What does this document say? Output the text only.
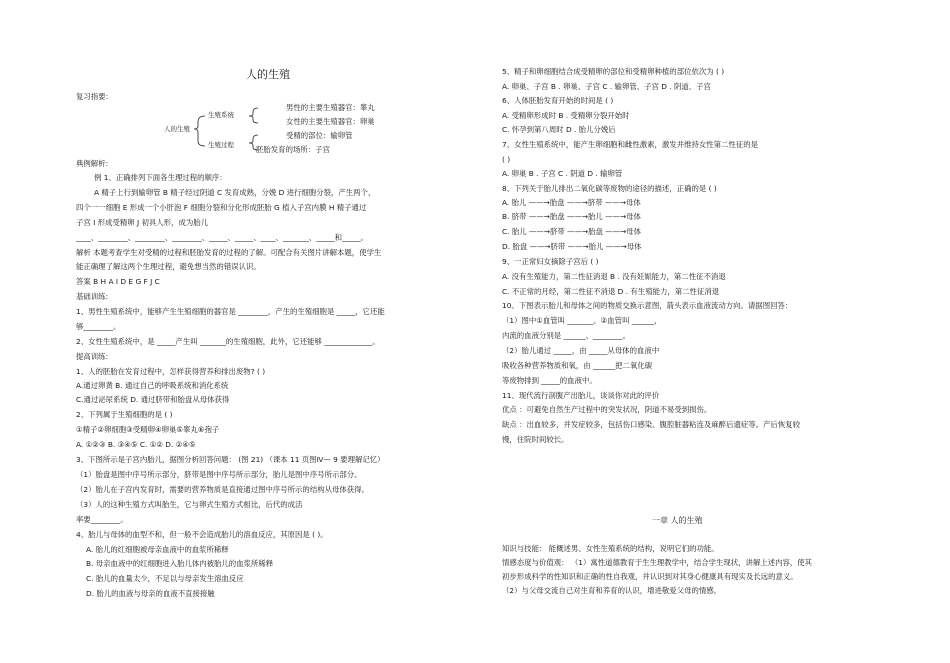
人的生殖
复习指要:
人的生殖
生殖系统
生殖过程
男性的主要生殖器官：睾丸
女性的主要生殖器官：卵巢
受精的部位：输卵管
胚胎发育的场所：子宫
典例解析:
例 1、正确排列下面各生理过程的顺序：
A 精子上行到输卵管 B 精子经过阴道 C 发育成熟，分娩 D 进行细胞分裂，产生两个、
四个一一细胞 E 形成一个小肝泡 F 细胞分裂和分化形成胚胎 G 植入子宫内膜 H 精子通过
子宫 I 形成受精卵 J 初具人形，成为胎儿
____、________、________、________、_____、_____、____、_______、_____和_____。
解析 本题考查学生对受精的过程和胚胎发育的过程的了解。可配合有关图片讲解本题，使学生
能正确理了解这两个生理过程，避免想当然的错误认识。
答案 B H A I D E G F J C
基础训练:
1、男性生殖系统中，能够产生生殖细胞的器官是 ________，产生的生殖细胞是 _____，它还能
够________。
2、女性生殖系统中，是 _____产生叫 _______的生殖细胞，此外，它还能够 _____________。
提高训练:
1、人的胚胎在发育过程中，怎样获得营养和排出废物? ( )
A.通过卵黄 B. 通过自己的呼吸系统和消化系统
C.通过泌尿系统 D. 通过脐带和胎盘从母体获得
2、下列属于生殖细胞的是 ( )
①精子②卵细胞③受精卵④卵巢⑤睾丸⑥孢子
A. ①②③ B. ③④⑤ C. ①② D. ②④⑤
3、下图所示是子宫内胎儿，据图分析回答问题： (图 21) （课本 11 页图Ⅳ— 9 要理解记忆）
（1）胎盘是图中序号所示部分，脐带是图中序号所示部分，胎儿是图中序号所示部分。
（2）胎儿在子宫内发育时，需要的营养物质是直接通过图中序号所示的结构从母体获得。
（3）人的这种生殖方式叫胎生，它与卵式生殖方式相比，后代的成活
率要________。
4、胎儿与母体的血型不和，但一般不会造成胎儿的溶血反应，其原因是 ( )。
A. 胎儿的红细胞被母亲血液中的血浆所稀释
B. 母亲血液中的红细胞进入胎儿体内被胎儿的血浆所稀释
C. 胎儿的血量太少，不足以与母亲发生溶血反应
D. 胎儿的血液与母亲的血液不直接接触
5、精子和卵细胞结合成受精卵的部位和受精卵种植的部位依次为 ( )
A. 卵巢、子宫 B . 卵巢、子宫 C . 输卵管、子宫 D . 阴道、子宫
6、人体胚胎发育开始的时间是 ( )
A. 受精卵形成时 B . 受精卵分裂开始时
C. 怀孕到第八周时 D . 胎儿分娩后
7、女性生殖系统中，能产生卵细胞和雌性激素，激发并维持女性第二性征的是
( )
A. 卵巢 B . 子宫 C . 阴道 D . 输卵管
8、下列关于胎儿排出二氧化碳等废物的途径的描述，正确的是 ( )
A. 胎儿 ——→胎盘 ——→脐带 ——→母体
B. 脐带 ——→胎盘 ——→胎儿 ——→母体
C. 胎儿 ——→脐带 ——→胎盘 ——→母体
D. 胎盘 ——→脐带 ——→胎儿 ——→母体
9、一正常妇女摘除子宫后 ( )
A. 没有生殖能力，第二性征消退 B . 没有妊娠能力，第二性征不消退
C. 不正常的月经，第二性征不消退 D . 有生殖能力，第二性征消退
10、下图表示胎儿和母体之间的物质交换示意图，箭头表示血液流动方向。请据图回答：
（1）图中①血管叫 _______。②血管叫 ______，
内流的血液分别是 ______、________。
（2）胎儿通过 _____，由 _____从母体的血液中
吸收各种营养物质和氧，由 ______把二氧化碳
等废物排到 _____的血液中。
11、现代流行剖腹产出胎儿，谈谈你对此的评价
优点 ：可避免自然生产过程中的突发状况，阴道不易受到损伤。
缺点 ：出血较多，并发症较多，包括伤口感染、腹腔脏器粘连及麻醉后遗症等。产后恢复较
慢，住院时间较长。
一章 人的生殖
知识与技能： 能概述男、女性生殖系统的结构，说明它们的功能。
情感态度与价值观： （1）寓性道德教育于生生理教学中，结合学生现状，讲解上述内容，使其
初步形成科学的性知识和正确的性自我观，并认识到对其身心健康具有现实及长远的意义。
（2）与父母交流自己对生育和养育的认识，增进敬爱父母的情感。
